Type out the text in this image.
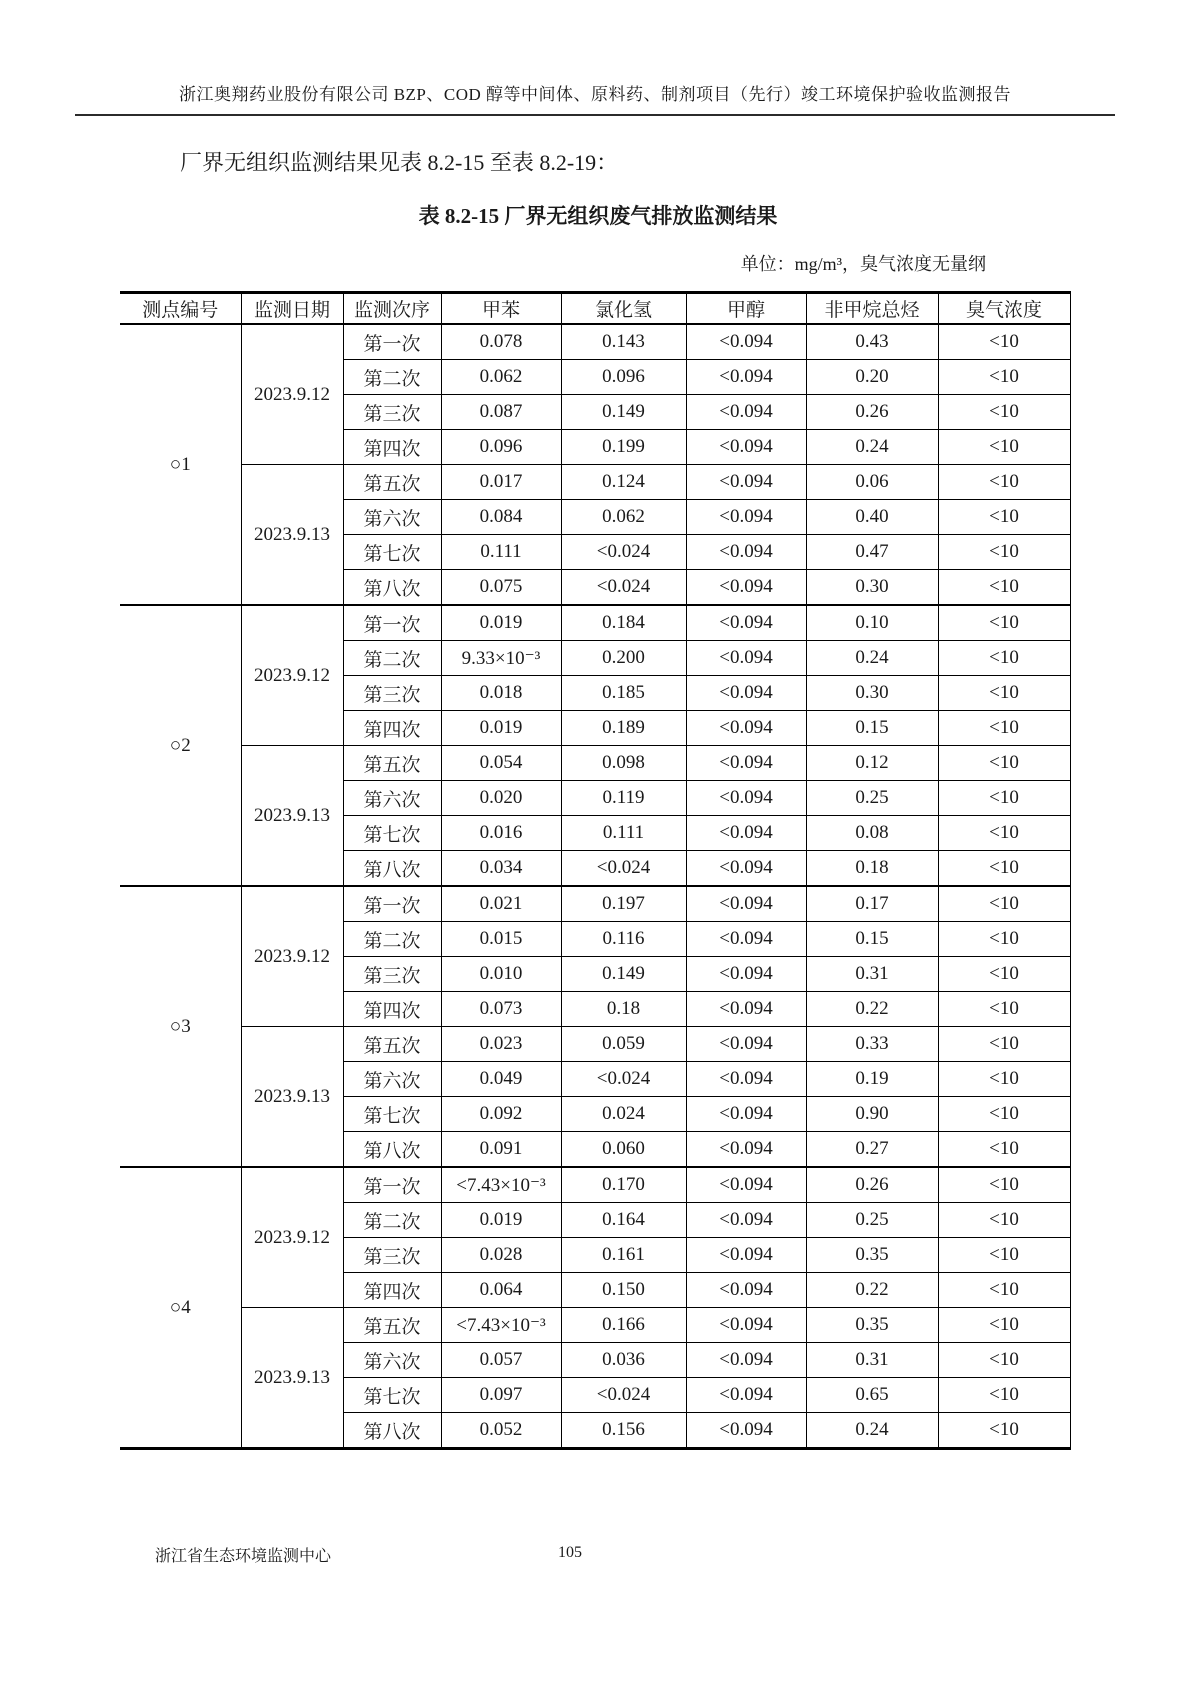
浙江奥翔药业股份有限公司 BZP、COD 醇等中间体、原料药、制剂项目（先行）竣工环境保护验收监测报告
厂界无组织监测结果见表 8.2-15 至表 8.2-19：
表 8.2-15 厂界无组织废气排放监测结果
单位：mg/m³，臭气浓度无量纲
测点编号	监测日期	监测次序	甲苯	氯化氢	甲醇	非甲烷总烃	臭气浓度
○1	2023.9.12	第一次	0.078	0.143	<0.094	0.43	<10
		第二次	0.062	0.096	<0.094	0.20	<10
		第三次	0.087	0.149	<0.094	0.26	<10
		第四次	0.096	0.199	<0.094	0.24	<10
	2023.9.13	第五次	0.017	0.124	<0.094	0.06	<10
		第六次	0.084	0.062	<0.094	0.40	<10
		第七次	0.111	<0.024	<0.094	0.47	<10
		第八次	0.075	<0.024	<0.094	0.30	<10
○2	2023.9.12	第一次	0.019	0.184	<0.094	0.10	<10
		第二次	9.33×10⁻³	0.200	<0.094	0.24	<10
		第三次	0.018	0.185	<0.094	0.30	<10
		第四次	0.019	0.189	<0.094	0.15	<10
	2023.9.13	第五次	0.054	0.098	<0.094	0.12	<10
		第六次	0.020	0.119	<0.094	0.25	<10
		第七次	0.016	0.111	<0.094	0.08	<10
		第八次	0.034	<0.024	<0.094	0.18	<10
○3	2023.9.12	第一次	0.021	0.197	<0.094	0.17	<10
		第二次	0.015	0.116	<0.094	0.15	<10
		第三次	0.010	0.149	<0.094	0.31	<10
		第四次	0.073	0.18	<0.094	0.22	<10
	2023.9.13	第五次	0.023	0.059	<0.094	0.33	<10
		第六次	0.049	<0.024	<0.094	0.19	<10
		第七次	0.092	0.024	<0.094	0.90	<10
		第八次	0.091	0.060	<0.094	0.27	<10
○4	2023.9.12	第一次	<7.43×10⁻³	0.170	<0.094	0.26	<10
		第二次	0.019	0.164	<0.094	0.25	<10
		第三次	0.028	0.161	<0.094	0.35	<10
		第四次	0.064	0.150	<0.094	0.22	<10
	2023.9.13	第五次	<7.43×10⁻³	0.166	<0.094	0.35	<10
		第六次	0.057	0.036	<0.094	0.31	<10
		第七次	0.097	<0.024	<0.094	0.65	<10
		第八次	0.052	0.156	<0.094	0.24	<10
浙江省生态环境监测中心	105
